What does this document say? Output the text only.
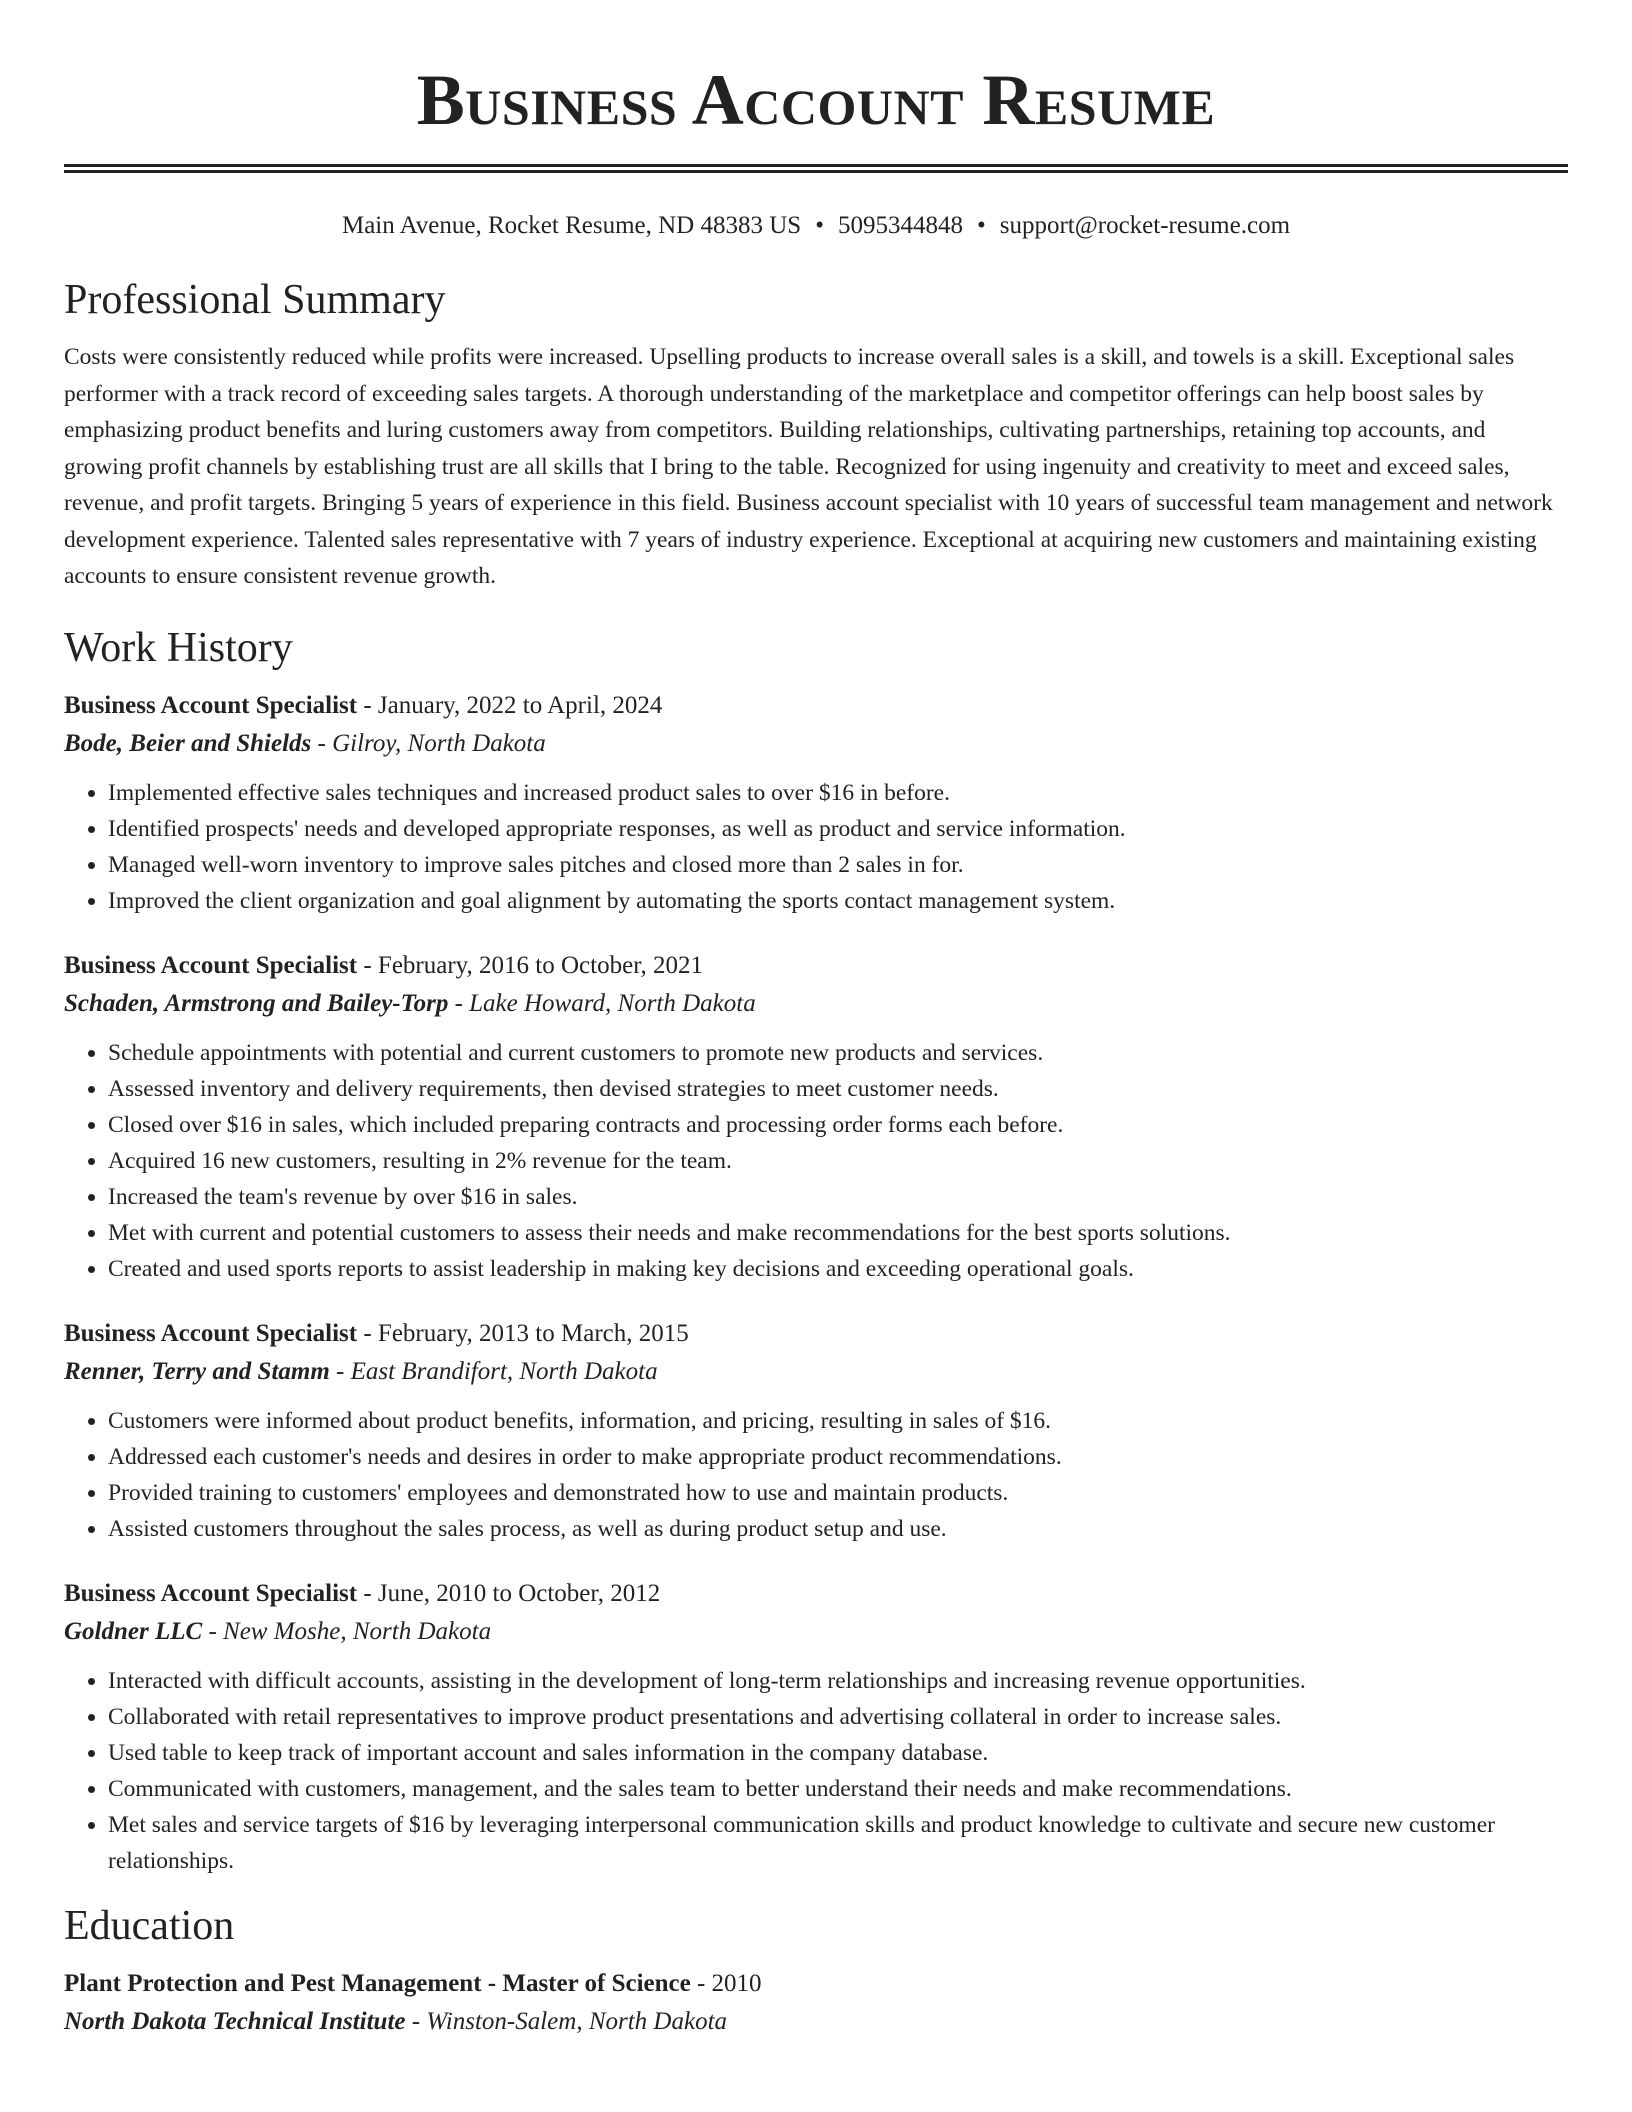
Business Account Resume
Main Avenue, Rocket Resume, ND 48383 US • 5095344848 • support@rocket-resume.com
Professional Summary

Costs were consistently reduced while profits were increased. Upselling products to increase overall sales is a skill, and towels is a skill. Exceptional sales performer with a track record of exceeding sales targets. A thorough understanding of the marketplace and competitor offerings can help boost sales by emphasizing product benefits and luring customers away from competitors. Building relationships, cultivating partnerships, retaining top accounts, and growing profit channels by establishing trust are all skills that I bring to the table. Recognized for using ingenuity and creativity to meet and exceed sales, revenue, and profit targets. Bringing 5 years of experience in this field. Business account specialist with 10 years of successful team management and network development experience. Talented sales representative with 7 years of industry experience. Exceptional at acquiring new customers and maintaining existing accounts to ensure consistent revenue growth.

Work History
Business Account Specialist - January, 2022 to April, 2024
Bode, Beier and Shields - Gilroy, North Dakota
• Implemented effective sales techniques and increased product sales to over $16 in before.
• Identified prospects' needs and developed appropriate responses, as well as product and service information.
• Managed well-worn inventory to improve sales pitches and closed more than 2 sales in for.
• Improved the client organization and goal alignment by automating the sports contact management system.
Business Account Specialist - February, 2016 to October, 2021
Schaden, Armstrong and Bailey-Torp - Lake Howard, North Dakota
• Schedule appointments with potential and current customers to promote new products and services.
• Assessed inventory and delivery requirements, then devised strategies to meet customer needs.
• Closed over $16 in sales, which included preparing contracts and processing order forms each before.
• Acquired 16 new customers, resulting in 2% revenue for the team.
• Increased the team's revenue by over $16 in sales.
• Met with current and potential customers to assess their needs and make recommendations for the best sports solutions.
• Created and used sports reports to assist leadership in making key decisions and exceeding operational goals.
Business Account Specialist - February, 2013 to March, 2015
Renner, Terry and Stamm - East Brandifort, North Dakota
• Customers were informed about product benefits, information, and pricing, resulting in sales of $16.
• Addressed each customer's needs and desires in order to make appropriate product recommendations.
• Provided training to customers' employees and demonstrated how to use and maintain products.
• Assisted customers throughout the sales process, as well as during product setup and use.
Business Account Specialist - June, 2010 to October, 2012
Goldner LLC - New Moshe, North Dakota
• Interacted with difficult accounts, assisting in the development of long-term relationships and increasing revenue opportunities.
• Collaborated with retail representatives to improve product presentations and advertising collateral in order to increase sales.
• Used table to keep track of important account and sales information in the company database.
• Communicated with customers, management, and the sales team to better understand their needs and make recommendations.
• Met sales and service targets of $16 by leveraging interpersonal communication skills and product knowledge to cultivate and secure new customer relationships.
Education
Plant Protection and Pest Management - Master of Science - 2010
North Dakota Technical Institute - Winston-Salem, North Dakota
